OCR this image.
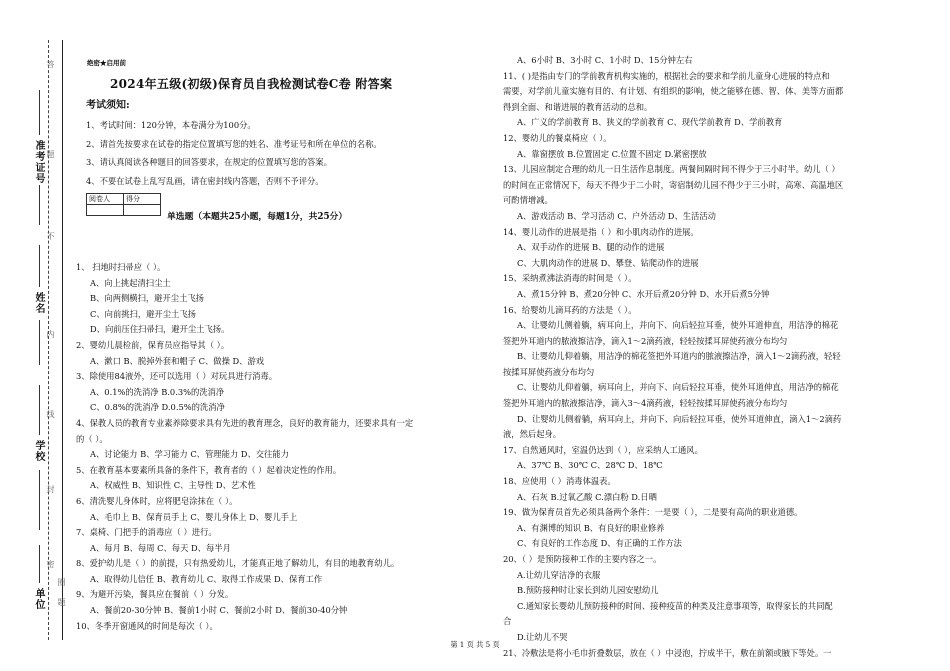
准考证号
姓名
学校
单位
答
题
不
内
线
封
密
圈
题
绝密★启用前
2024年五级(初级)保育员自我检测试卷C卷 附答案
考试须知:
1、考试时间：120分钟，本卷满分为100分。
2、请首先按要求在试卷的指定位置填写您的姓名、准考证号和所在单位的名称。
3、请认真阅读各种题目的回答要求，在规定的位置填写您的答案。
4、不要在试卷上乱写乱画，请在密封线内答题，否则不予评分。
阅卷人	得分

单选题（本题共25小题，每题1分，共25分）
1、 扫地时扫帚应（ ）。
A、向上挑起清扫尘土
B、向两侧横扫，避开尘土飞扬
C、向前挑扫，避开尘土飞扬
D、向前压住扫帚扫，避开尘土飞扬。
2、婴幼儿晨检前，保育员应指导其（ ）。
A、漱口 B、脱掉外套和帽子 C、做操 D、游戏
3、除使用84液外，还可以选用（ ）对玩具进行消毒。
A、0.1%的洗消净 B.0.3%的洗消净
C、0.8%的洗消净 D.0.5%的洗消净
4、保教人员的教育专业素养除要求具有先进的教育理念，良好的教育能力，还要求具有一定
的（ ）。
A、讨论能力 B、学习能力 C、管理能力 D、交往能力
5、在教育基本要素所具备的条件下，教育者的（ ）起着决定性的作用。
A、权威性 B、知识性 C、主导性 D、艺术性
6、清洗婴儿身体时，应将肥皂涂抹在（ ）。
A、毛巾上 B、保育员手上 C、婴儿身体上 D、婴儿手上
7、桌椅、门把手的消毒应（ ）进行。
A、每月 B、每周 C、每天 D、每半月
8、爱护幼儿是（ ）的前提，只有热爱幼儿，才能真正地了解幼儿，有目的地教育幼儿。
A、取得幼儿信任 B、教育幼儿 C、取得工作成果 D、保育工作
9、为避开污染，餐具应在餐前（ ）分发。
A、餐前20-30分钟 B、餐前1小时 C、餐前2小时 D、餐前30-40分钟
10、冬季开窗通风的时间是每次（ ）。
A、6小时 B、3小时 C、1小时 D、15分钟左右
11、( )是指由专门的学前教育机构实施的，根据社会的要求和学前儿童身心进展的特点和
需要，对学前儿童实施有目的、有计划、有组织的影响，使之能够在德、智、体、美等方面都
得到全面、和谐进展的教育活动的总和。
A、广义的学前教育 B、狭义的学前教育 C、现代学前教育 D、学前教育
12、婴幼儿的餐桌椅应（ ）。
A、靠窗摆放 B.位置固定 C.位置不固定 D.紧密摆放
13、儿园应制定合理的幼儿一日生活作息制度。两餐间隔时间不得少于三小时半。幼儿（ ）
的时间在正常情况下，每天不得少于二小时，寄宿制幼儿园不得少于三小时，高寒、高温地区
可酌情增减。
A、游戏活动 B、学习活动 C、户外活动 D、生活活动
14、婴儿动作的进展是指（ ）和小肌肉动作的进展。
A、双手动作的进展 B、腿的动作的进展
C、大肌肉动作的进展 D、攀登、钻爬动作的进展
15、采纳煮沸法消毒的时间是（ ）。
A、煮15分钟 B、煮20分钟 C、水开后煮20分钟 D、水开后煮5分钟
16、给婴幼儿滴耳药的方法是（ ）。
A、让婴幼儿侧着躺，病耳向上，并向下、向后轻拉耳垂，使外耳道伸直，用洁净的棉花
签把外耳道内的脓液擦洁净，滴入1～2滴药液，轻轻按揉耳屏使药液分布均匀
B、让婴幼儿仰着躺，用洁净的棉花签把外耳道内的脓液擦洁净，滴入1～2滴药液，轻轻
按揉耳屏使药液分布均匀
C、让婴幼儿仰着躺，病耳向上，并向下、向后轻拉耳垂，使外耳道伸直，用洁净的棉花
签把外耳道内的脓液擦洁净，滴入3～4滴药液，轻轻按揉耳屏使药液分布均匀
D、让婴幼儿侧着躺，病耳向上，并向下、向后轻拉耳垂，使外耳道伸直，滴入1～2滴药
液，然后起身。
17、自然通风时，室温仍达到（ ），应采纳人工通风。
A、37℃ B、30℃ C、28℃ D、18℃
18、应使用（ ）消毒体温表。
A、石灰 B.过氧乙酸 C.漂白粉 D.日晒
19、做为保育员首先必须具备两个条件：一是要（ ），二是要有高尚的职业道德。
A、有渊博的知识 B、有良好的职业修养
C、有良好的工作态度 D、有正确的工作方法
20、（ ）是预防接种工作的主要内容之一。
A.让幼儿穿洁净的衣服
B.预防接种时让家长到幼儿园安慰幼儿
C.通知家长婴幼儿预防接种的时间、接种疫苗的种类及注意事项等，取得家长的共同配
合
D.让幼儿不哭
21、冷敷法是将小毛巾折叠数层，放在（ ）中浸泡，拧成半干，敷在前额或腋下等处。一
第 1 页 共 5 页
